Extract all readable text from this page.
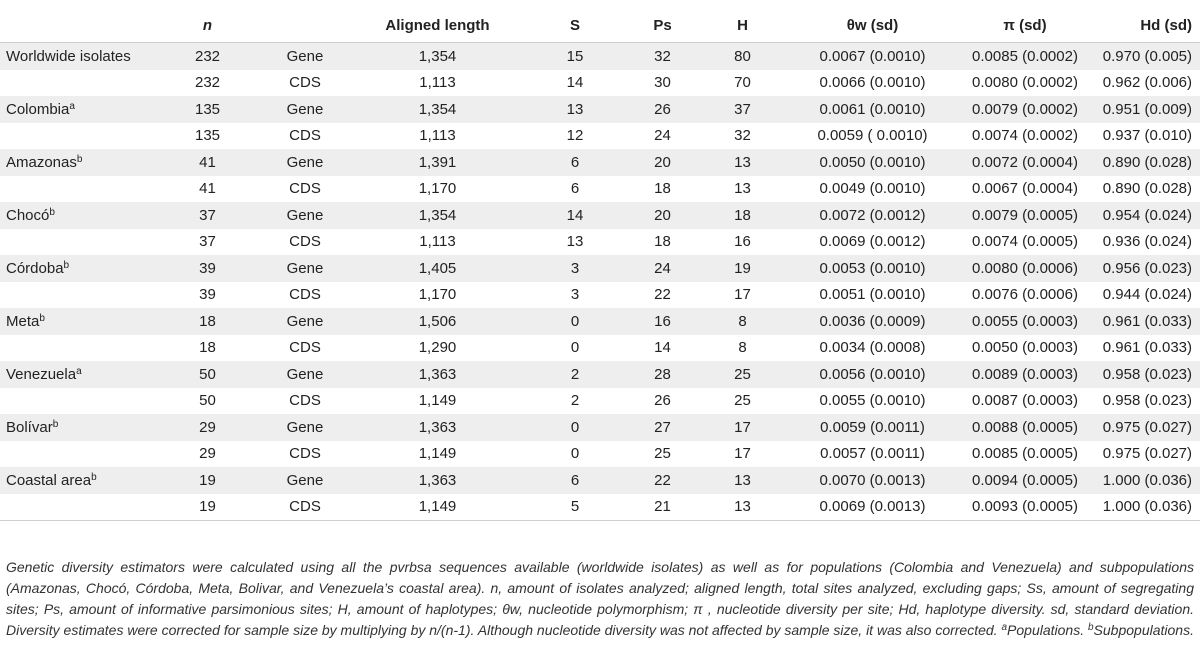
	n		Aligned length	S	Ps	H	θw (sd)	π (sd)	Hd (sd)
Worldwide isolates	232	Gene	1,354	15	32	80	0.0067 (0.0010)	0.0085 (0.0002)	0.970 (0.005)
	232	CDS	1,113	14	30	70	0.0066 (0.0010)	0.0080 (0.0002)	0.962 (0.006)
Colombia$^a$	135	Gene	1,354	13	26	37	0.0061 (0.0010)	0.0079 (0.0002)	0.951 (0.009)
	135	CDS	1,113	12	24	32	0.0059 ( 0.0010)	0.0074 (0.0002)	0.937 (0.010)
Amazonas$^b$	41	Gene	1,391	6	20	13	0.0050 (0.0010)	0.0072 (0.0004)	0.890 (0.028)
	41	CDS	1,170	6	18	13	0.0049 (0.0010)	0.0067 (0.0004)	0.890 (0.028)
Chocó$^b$	37	Gene	1,354	14	20	18	0.0072 (0.0012)	0.0079 (0.0005)	0.954 (0.024)
	37	CDS	1,113	13	18	16	0.0069 (0.0012)	0.0074 (0.0005)	0.936 (0.024)
Córdoba$^b$	39	Gene	1,405	3	24	19	0.0053 (0.0010)	0.0080 (0.0006)	0.956 (0.023)
	39	CDS	1,170	3	22	17	0.0051 (0.0010)	0.0076 (0.0006)	0.944 (0.024)
Meta$^b$	18	Gene	1,506	0	16	8	0.0036 (0.0009)	0.0055 (0.0003)	0.961 (0.033)
	18	CDS	1,290	0	14	8	0.0034 (0.0008)	0.0050 (0.0003)	0.961 (0.033)
Venezuela$^a$	50	Gene	1,363	2	28	25	0.0056 (0.0010)	0.0089 (0.0003)	0.958 (0.023)
	50	CDS	1,149	2	26	25	0.0055 (0.0010)	0.0087 (0.0003)	0.958 (0.023)
Bolívar$^b$	29	Gene	1,363	0	27	17	0.0059 (0.0011)	0.0088 (0.0005)	0.975 (0.027)
	29	CDS	1,149	0	25	17	0.0057 (0.0011)	0.0085 (0.0005)	0.975 (0.027)
Coastal area$^b$	19	Gene	1,363	6	22	13	0.0070 (0.0013)	0.0094 (0.0005)	1.000 (0.036)
	19	CDS	1,149	5	21	13	0.0069 (0.0013)	0.0093 (0.0005)	1.000 (0.036)
Genetic diversity estimators were calculated using all the pvrbsa sequences available (worldwide isolates) as well as for populations (Colombia and Venezuela) and subpopulations (Amazonas, Chocó, Córdoba, Meta, Bolivar, and Venezuela’s coastal area). n, amount of isolates analyzed; aligned length, total sites analyzed, excluding gaps; Ss, amount of segregating sites; Ps, amount of informative parsimonious sites; H, amount of haplotypes; θw, nucleotide polymorphism; π , nucleotide diversity per site; Hd, haplotype diversity. sd, standard deviation. Diversity estimates were corrected for sample size by multiplying by n/(n-1). Although nucleotide diversity was not affected by sample size, it was also corrected. $^a$Populations. $^b$Subpopulations.
